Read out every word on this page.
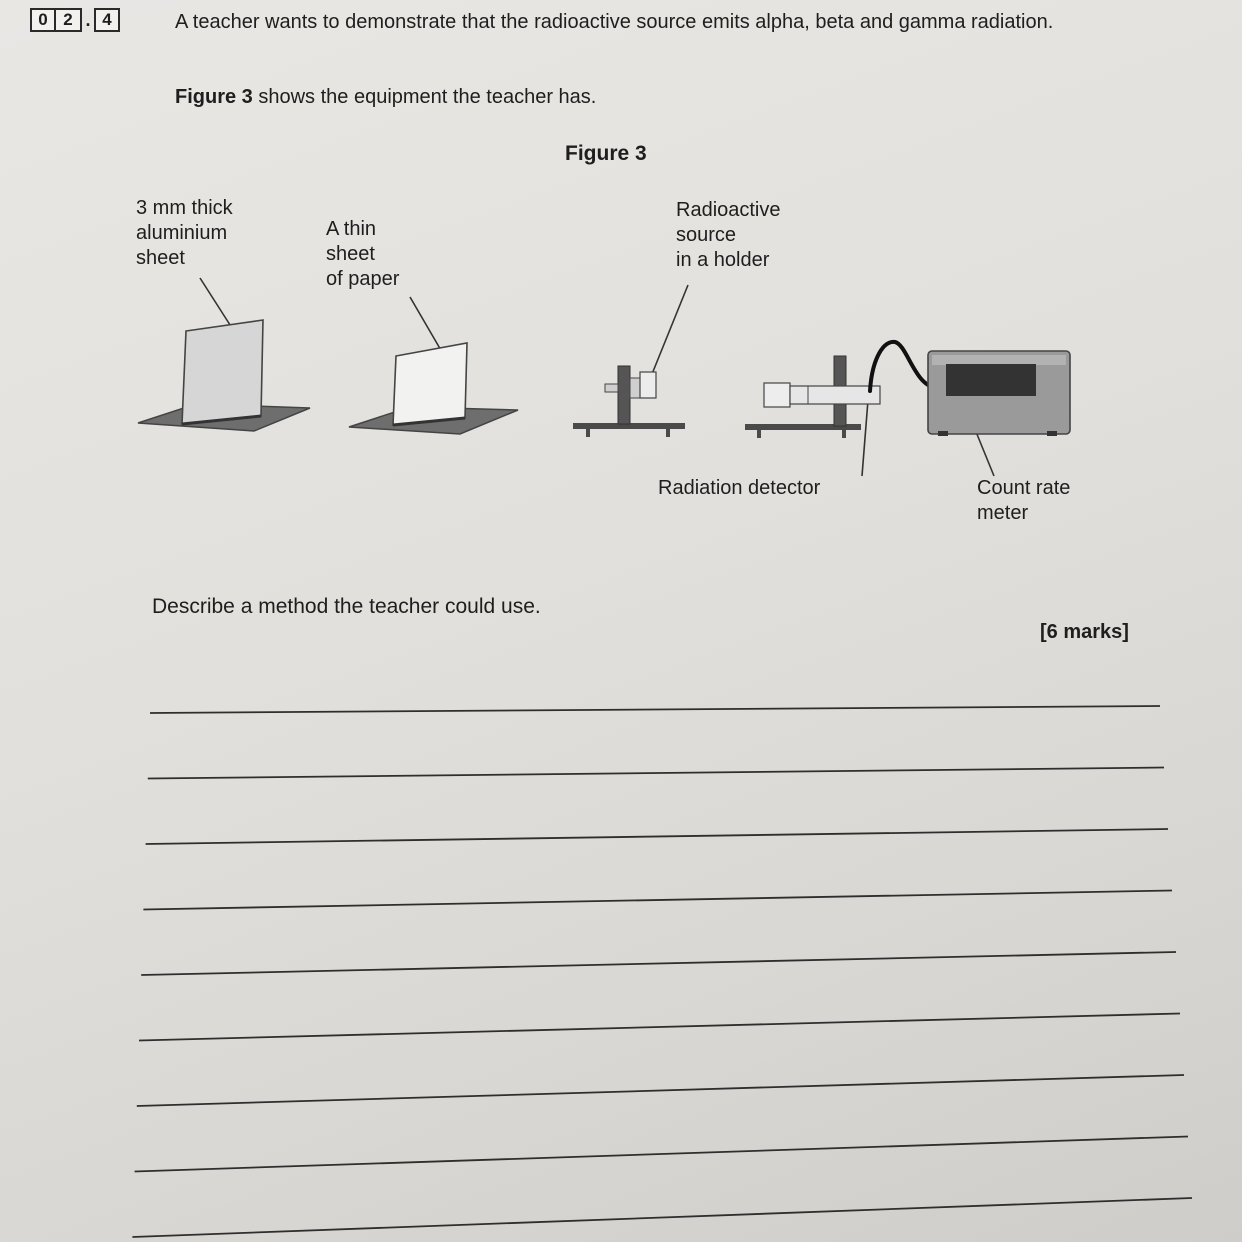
0 2 . 4	A teacher wants to demonstrate that the radioactive source emits alpha, beta and gamma radiation.
Figure 3 shows the equipment the teacher has.
Figure 3
3 mm thick
aluminium
sheet
A thin
sheet
of paper
Radioactive
source
in a holder
Radiation detector	Count rate
meter
Describe a method the teacher could use.
[6 marks]
